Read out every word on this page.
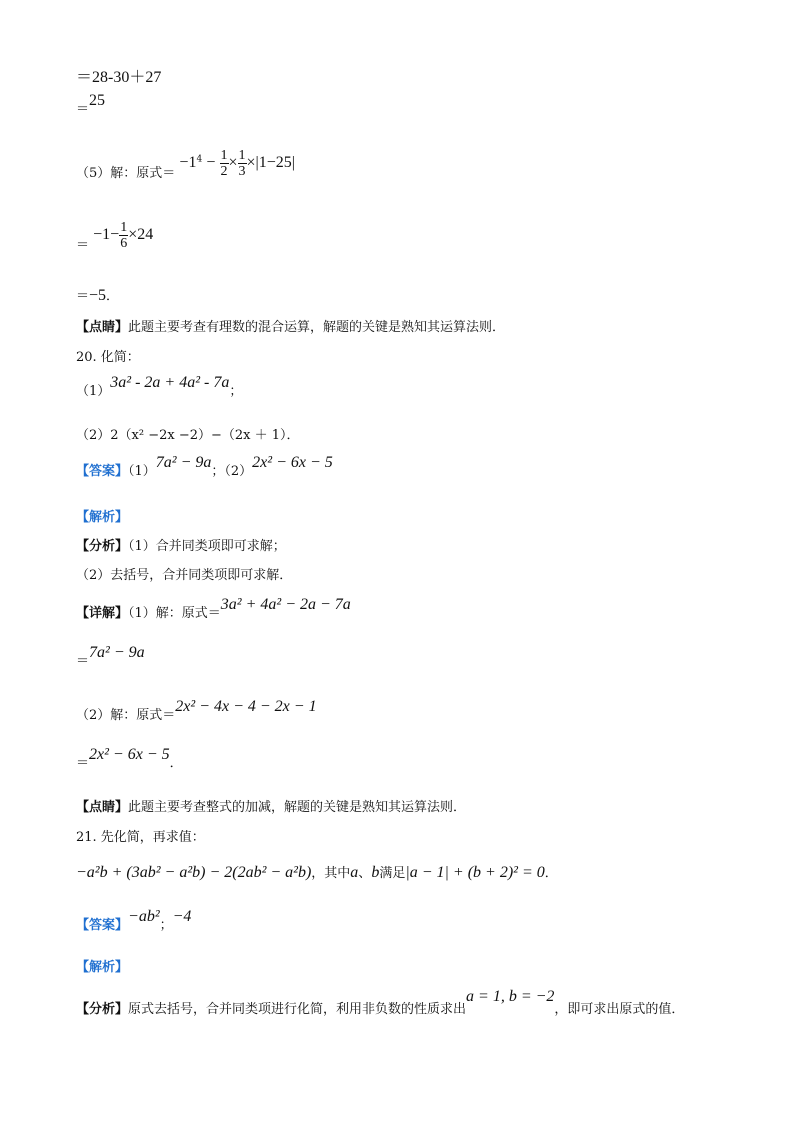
＝28-30＋27
＝25
（5）解：原式＝ $-1^4 - \frac{1}{2} \times \frac{1}{3} \times|1-25|$
＝ $-1- \frac{1}{6} \times 24$
＝−5．
【点睛】此题主要考查有理数的混合运算，解题的关键是熟知其运算法则．
20. 化简：
（1）3a² - 2a + 4a² - 7a；
（2）2（x² −2x −2）−（2x ＋ 1）．
【答案】（1）7a² − 9a；（2）2x² − 6x − 5
【解析】
【分析】（1）合并同类项即可求解；
（2）去括号，合并同类项即可求解．
【详解】（1）解：原式＝3a² + 4a² − 2a − 7a
＝7a² − 9a
（2）解：原式＝2x² − 4x − 4 − 2x − 1
＝2x² − 6x − 5．
【点睛】此题主要考查整式的加减，解题的关键是熟知其运算法则．
21. 先化简，再求值：
−a²b + (3ab² − a²b) − 2(2ab² − a²b)，其中a、b满足|a − 1| + (b + 2)² = 0．
【答案】−ab²；−4
【解析】
【分析】原式去括号，合并同类项进行化简，利用非负数的性质求出a = 1, b = −2，即可求出原式的值．
